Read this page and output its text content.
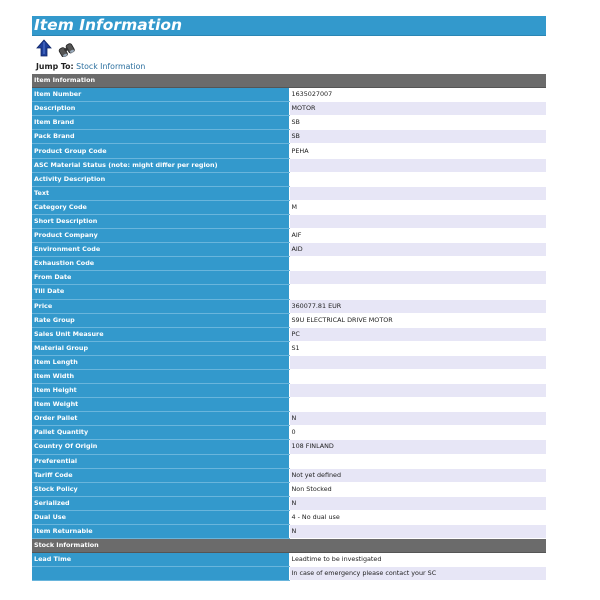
Item Information
Jump To: Stock Information
Item Information	
Item Number	1635027007
Description	MOTOR
Item Brand	SB
Pack Brand	SB
Product Group Code	PEHA
ASC Material Status (note: might differ per region)	
Activity Description	
Text	
Category Code	M
Short Description	
Product Company	AIF
Environment Code	AID
Exhaustion Code	
From Date	
Till Date	
Price	360077.81 EUR
Rate Group	S9U ELECTRICAL DRIVE MOTOR
Sales Unit Measure	PC
Material Group	S1
Item Length	
Item Width	
Item Height	
Item Weight	
Order Pallet	N
Pallet Quantity	0
Country Of Origin	108 FINLAND
Preferential	
Tariff Code	Not yet defined
Stock Policy	Non Stocked
Serialized	N
Dual Use	4 - No dual use
Item Returnable	N
Stock Information	
Lead Time	Leadtime to be investigated
	In case of emergency please contact your SC
